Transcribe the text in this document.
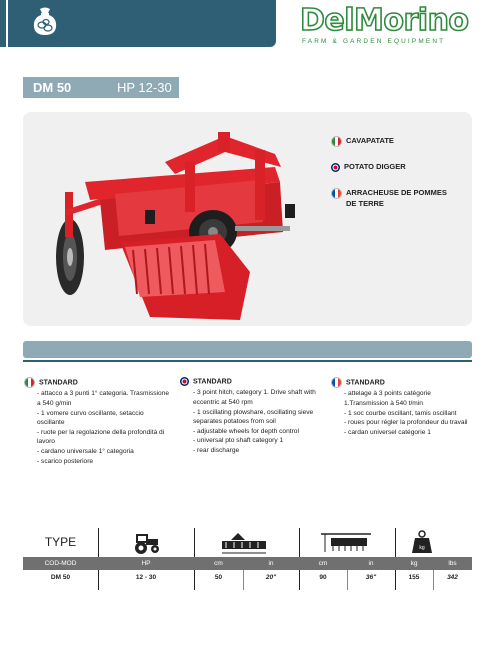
DelMorino
FARM & GARDEN EQUIPMENT
DM 50	HP 12-30
CAVAPATATE
POTATO DIGGER
ARRACHEUSE DE POMMES DE TERRE
STANDARD
- attacco a 3 punti 1° categoria. Trasmissione a 540 g/min
- 1 vomere curvo oscillante, setaccio oscillante
- ruote per la regolazione della profondità di lavoro
- cardano universale 1° categoria
- scarico posteriore
STANDARD
- 3 point hitch, category 1. Drive shaft with eccentric at 540 rpm
- 1 oscillating plowshare, oscillating sieve separates potatoes from soil
- adjustable wheels for depth control
- universal pto shaft category 1
- rear discharge
STANDARD
- attelage à 3 points catégorie 1.Transmission à 540 t/min
- 1 soc courbe oscillant, tamis oscillant
- roues pour régler la profondeur du travail
- cardan universel catégorie 1
TYPE	kg
COD-MOD	HP	cm	in	cm	in	kg	lbs
DM 50	12 - 30	50	20"	90	36"	155	342
